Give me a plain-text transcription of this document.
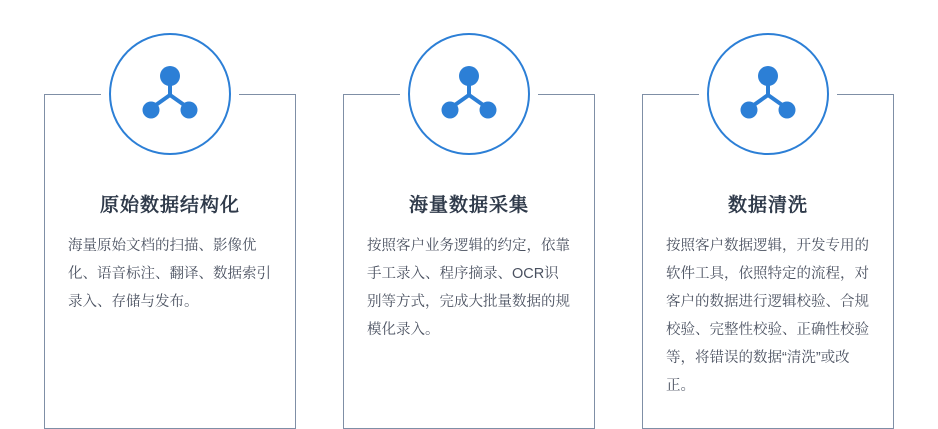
原始数据结构化
海量原始文档的扫描、影像优化、语音标注、翻译、数据索引录入、存储与发布。
海量数据采集
按照客户业务逻辑的约定，依靠手工录入、程序摘录、OCR识别等方式，完成大批量数据的规模化录入。
数据清洗
按照客户数据逻辑，开发专用的软件工具，依照特定的流程，对客户的数据进行逻辑校验、合规校验、完整性校验、正确性校验等，将错误的数据“清洗”或改正。
